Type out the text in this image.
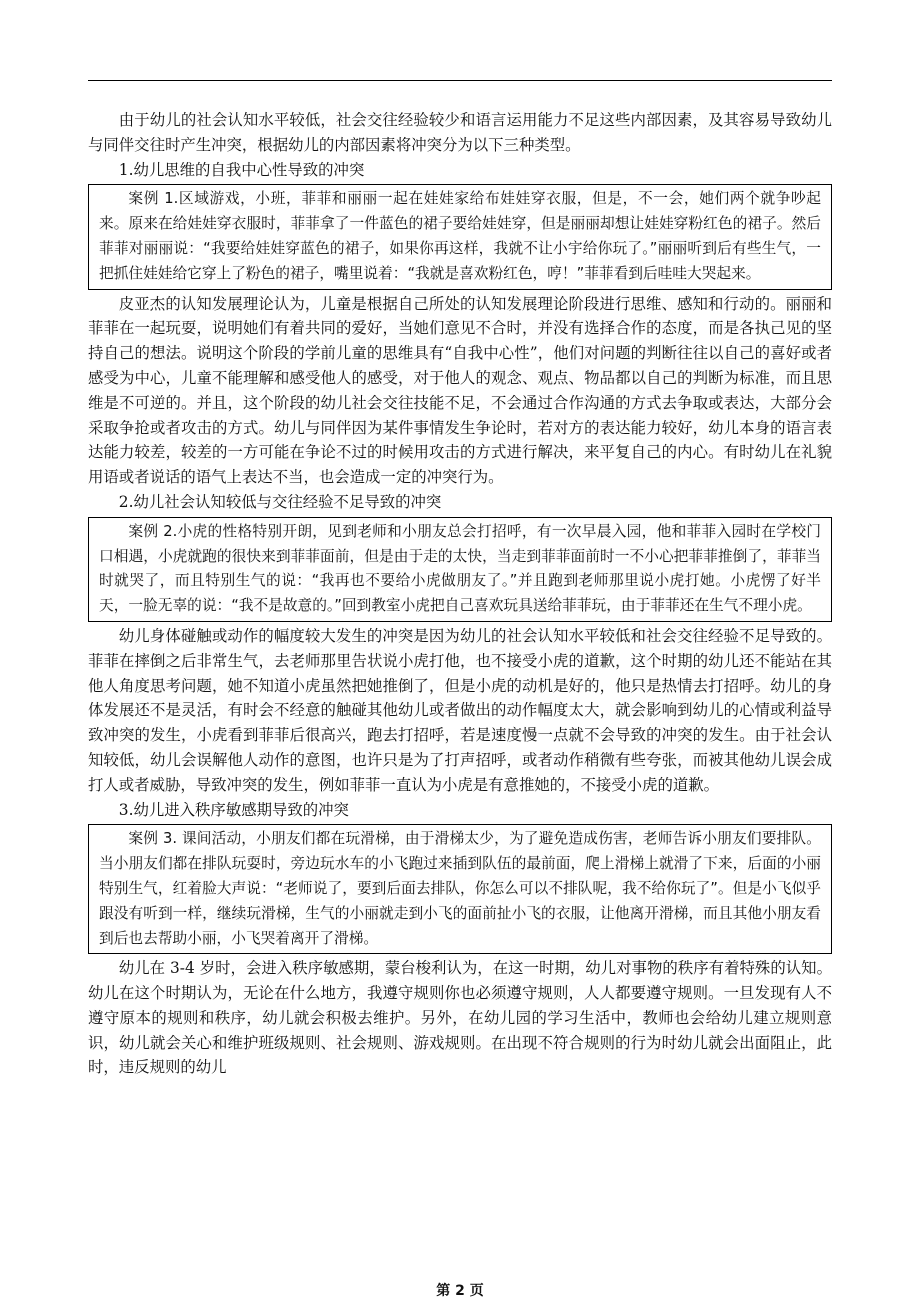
由于幼儿的社会认知水平较低，社会交往经验较少和语言运用能力不足这些内部因素，及其容易导致幼儿与同伴交往时产生冲突，根据幼儿的内部因素将冲突分为以下三种类型。

1.幼儿思维的自我中心性导致的冲突

案例 1.区域游戏，小班，菲菲和丽丽一起在娃娃家给布娃娃穿衣服，但是，不一会，她们两个就争吵起来。原来在给娃娃穿衣服时，菲菲拿了一件蓝色的裙子要给娃娃穿，但是丽丽却想让娃娃穿粉红色的裙子。然后菲菲对丽丽说：“我要给娃娃穿蓝色的裙子，如果你再这样，我就不让小宇给你玩了。”丽丽听到后有些生气，一把抓住娃娃给它穿上了粉色的裙子，嘴里说着：“我就是喜欢粉红色，哼！”菲菲看到后哇哇大哭起来。

皮亚杰的认知发展理论认为，儿童是根据自己所处的认知发展理论阶段进行思维、感知和行动的。丽丽和菲菲在一起玩耍，说明她们有着共同的爱好，当她们意见不合时，并没有选择合作的态度，而是各执己见的坚持自己的想法。说明这个阶段的学前儿童的思维具有“自我中心性”，他们对问题的判断往往以自己的喜好或者感受为中心，儿童不能理解和感受他人的感受，对于他人的观念、观点、物品都以自己的判断为标准，而且思维是不可逆的。并且，这个阶段的幼儿社会交往技能不足，不会通过合作沟通的方式去争取或表达，大部分会采取争抢或者攻击的方式。幼儿与同伴因为某件事情发生争论时，若对方的表达能力较好，幼儿本身的语言表达能力较差，较差的一方可能在争论不过的时候用攻击的方式进行解决，来平复自己的内心。有时幼儿在礼貌用语或者说话的语气上表达不当，也会造成一定的冲突行为。

2.幼儿社会认知较低与交往经验不足导致的冲突

案例 2.小虎的性格特别开朗，见到老师和小朋友总会打招呼，有一次早晨入园，他和菲菲入园时在学校门口相遇，小虎就跑的很快来到菲菲面前，但是由于走的太快，当走到菲菲面前时一不小心把菲菲推倒了，菲菲当时就哭了，而且特别生气的说：“我再也不要给小虎做朋友了。”并且跑到老师那里说小虎打她。小虎愣了好半天，一脸无辜的说：“我不是故意的。”回到教室小虎把自己喜欢玩具送给菲菲玩，由于菲菲还在生气不理小虎。

幼儿身体碰触或动作的幅度较大发生的冲突是因为幼儿的社会认知水平较低和社会交往经验不足导致的。菲菲在摔倒之后非常生气，去老师那里告状说小虎打他，也不接受小虎的道歉，这个时期的幼儿还不能站在其他人角度思考问题，她不知道小虎虽然把她推倒了，但是小虎的动机是好的，他只是热情去打招呼。幼儿的身体发展还不是灵活，有时会不经意的触碰其他幼儿或者做出的动作幅度太大，就会影响到幼儿的心情或利益导致冲突的发生，小虎看到菲菲后很高兴，跑去打招呼，若是速度慢一点就不会导致的冲突的发生。由于社会认知较低，幼儿会误解他人动作的意图，也许只是为了打声招呼，或者动作稍微有些夸张，而被其他幼儿误会成打人或者威胁，导致冲突的发生，例如菲菲一直认为小虎是有意推她的，不接受小虎的道歉。

3.幼儿进入秩序敏感期导致的冲突

案例 3. 课间活动，小朋友们都在玩滑梯，由于滑梯太少，为了避免造成伤害，老师告诉小朋友们要排队。当小朋友们都在排队玩耍时，旁边玩水车的小飞跑过来插到队伍的最前面，爬上滑梯上就滑了下来，后面的小丽特别生气，红着脸大声说：“老师说了，要到后面去排队，你怎么可以不排队呢，我不给你玩了”。但是小飞似乎跟没有听到一样，继续玩滑梯，生气的小丽就走到小飞的面前扯小飞的衣服，让他离开滑梯，而且其他小朋友看到后也去帮助小丽，小飞哭着离开了滑梯。

幼儿在 3-4 岁时，会进入秩序敏感期，蒙台梭利认为，在这一时期，幼儿对事物的秩序有着特殊的认知。幼儿在这个时期认为，无论在什么地方，我遵守规则你也必须遵守规则，人人都要遵守规则。一旦发现有人不遵守原本的规则和秩序，幼儿就会积极去维护。另外，在幼儿园的学习生活中，教师也会给幼儿建立规则意识，幼儿就会关心和维护班级规则、社会规则、游戏规则。在出现不符合规则的行为时幼儿就会出面阻止，此时，违反规则的幼儿

第 2 页
